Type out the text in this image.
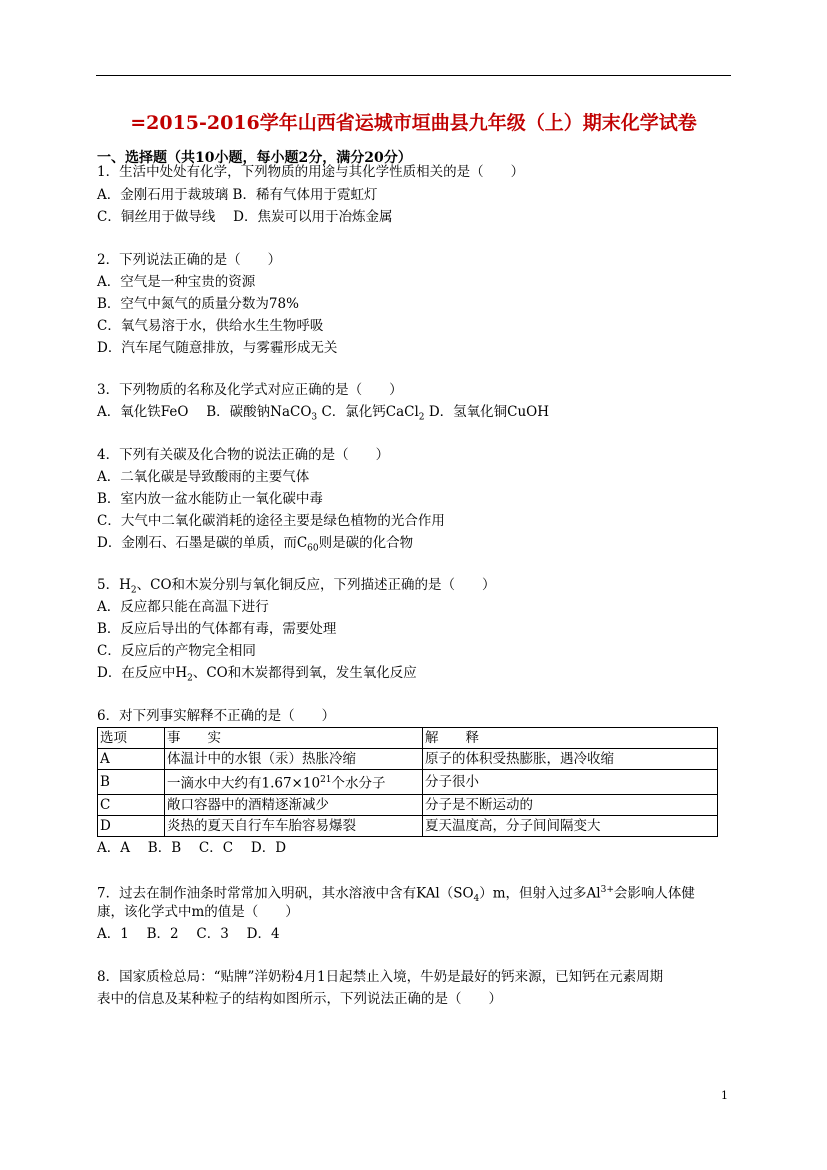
=2015-2016学年山西省运城市垣曲县九年级（上）期末化学试卷
一、选择题（共10小题，每小题2分，满分20分）
1．生活中处处有化学，下列物质的用途与其化学性质相关的是（　　）
A．金刚石用于裁玻璃 B．稀有气体用于霓虹灯
C．铜丝用于做导线　 D．焦炭可以用于冶炼金属
2．下列说法正确的是（　　）
A．空气是一种宝贵的资源
B．空气中氮气的质量分数为78%
C．氧气易溶于水，供给水生生物呼吸
D．汽车尾气随意排放，与雾霾形成无关
3．下列物质的名称及化学式对应正确的是（　　）
A．氧化铁FeO　 B．碳酸钠NaCO$_3$ C．氯化钙CaCl$_2$ D．氢氧化铜CuOH
4．下列有关碳及化合物的说法正确的是（　　）
A．二氧化碳是导致酸雨的主要气体
B．室内放一盆水能防止一氧化碳中毒
C．大气中二氧化碳消耗的途径主要是绿色植物的光合作用
D．金刚石、石墨是碳的单质，而$C_{60}$则是碳的化合物
5．$H_2$、CO和木炭分别与氧化铜反应，下列描述正确的是（　　）
A．反应都只能在高温下进行
B．反应后导出的气体都有毒，需要处理
C．反应后的产物完全相同
D．在反应中$H_2$、CO和木炭都得到氧，发生氧化反应
6．对下列事实解释不正确的是（　　）
选项	事　　实	解　　释
A	体温计中的水银（汞）热胀冷缩	原子的体积受热膨胀，遇冷收缩
B	一滴水中大约有$1.67\times 10^{21}$个水分子	分子很小
C	敞口容器中的酒精逐渐减少	分子是不断运动的
D	炎热的夏天自行车车胎容易爆裂	夏天温度高，分子间间隔变大
A．A　 B．B　 C．C　 D．D
7．过去在制作油条时常常加入明矾，其水溶液中含有$KAl(SO_4)m$，但射入过多$Al^{3+}$会影响人体健
康，该化学式中m的值是（　　）
A．1　 B．2　 C．3　 D．4
8．国家质检总局：“贴牌”洋奶粉4月1日起禁止入境，牛奶是最好的钙来源，已知钙在元素周期
表中的信息及某种粒子的结构如图所示，下列说法正确的是（　　）
1
